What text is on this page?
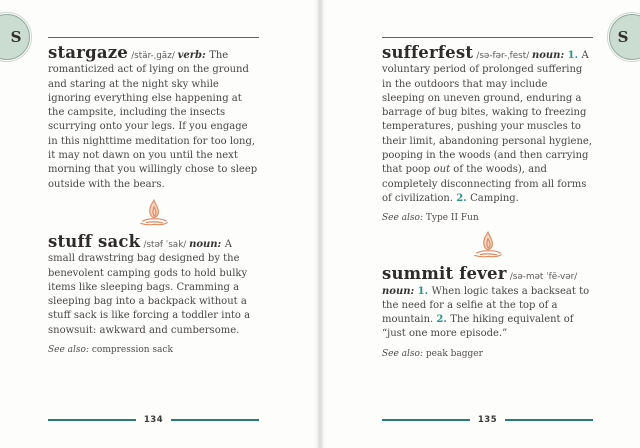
S

stargaze /stär-ˌgāz/ verb: The romanticized act of lying on the ground and staring at the night sky while ignoring everything else happening at the campsite, including the insects scurrying onto your legs. If you engage in this nighttime meditation for too long, it may not dawn on you until the next morning that you willingly chose to sleep outside with the bears.

stuff sack /stəf ˈsak/ noun: A small drawstring bag designed by the benevolent camping gods to hold bulky items like sleeping bags. Cramming a sleeping bag into a backpack without a stuff sack is like forcing a toddler into a snowsuit: awkward and cumbersome.

See also: compression sack

134
S

sufferfest /sə-fər-ˌfest/ noun: 1. A voluntary period of prolonged suffering in the outdoors that may include sleeping on uneven ground, enduring a barrage of bug bites, waking to freezing temperatures, pushing your muscles to their limit, abandoning personal hygiene, pooping in the woods (and then carrying that poop out of the woods), and completely disconnecting from all forms of civilization. 2. Camping.

See also: Type II Fun

summit fever /sə-mət ˈfē-vər/ noun: 1. When logic takes a backseat to the need for a selfie at the top of a mountain. 2. The hiking equivalent of “just one more episode.”

See also: peak bagger

135
